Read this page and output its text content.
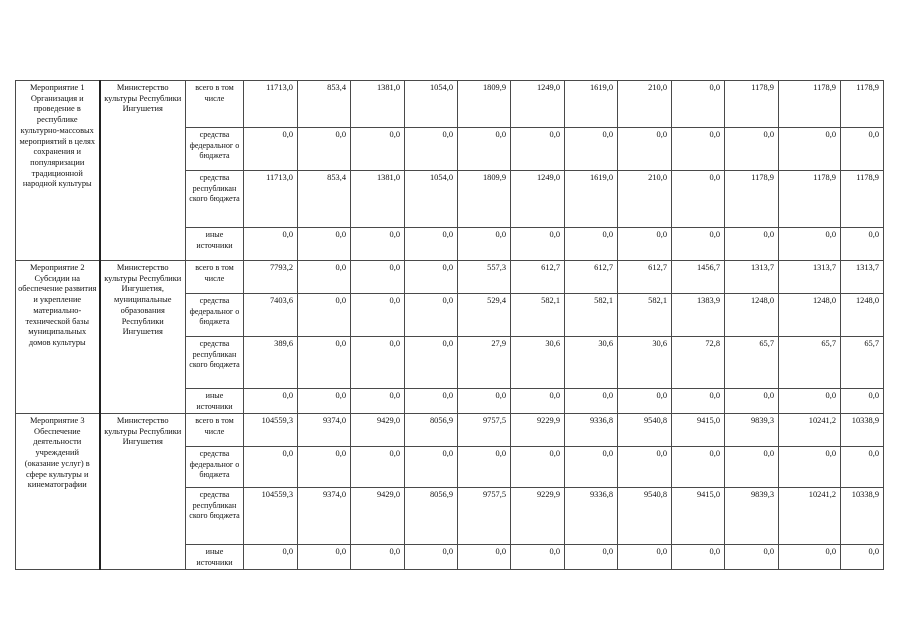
Мероприятие 1 Организация и проведение в республике культурно-массовых мероприятий в целях сохранения и популяризации традиционной народной культуры	Министерство культуры Республики Ингушетия	всего в том числе	11713,0	853,4	1381,0	1054,0	1809,9	1249,0	1619,0	210,0	0,0	1178,9	1178,9	1178,9
		средства федеральног о бюджета	0,0	0,0	0,0	0,0	0,0	0,0	0,0	0,0	0,0	0,0	0,0	0,0
		средства республикан ского бюджета	11713,0	853,4	1381,0	1054,0	1809,9	1249,0	1619,0	210,0	0,0	1178,9	1178,9	1178,9
		иные источники	0,0	0,0	0,0	0,0	0,0	0,0	0,0	0,0	0,0	0,0	0,0	0,0
Мероприятие 2 Субсидии на обеспечение развития и укрепление материально-технической базы муниципальных домов культуры	Министерство культуры Республики Ингушетия, муниципальные образования Республики Ингушетия	всего в том числе	7793,2	0,0	0,0	0,0	557,3	612,7	612,7	612,7	1456,7	1313,7	1313,7	1313,7
		средства федеральног о бюджета	7403,6	0,0	0,0	0,0	529,4	582,1	582,1	582,1	1383,9	1248,0	1248,0	1248,0
		средства республикан ского бюджета	389,6	0,0	0,0	0,0	27,9	30,6	30,6	30,6	72,8	65,7	65,7	65,7
		иные источники	0,0	0,0	0,0	0,0	0,0	0,0	0,0	0,0	0,0	0,0	0,0	0,0
Мероприятие 3 Обеспечение деятельности учреждений (оказание услуг) в сфере культуры и кинематографии	Министерство культуры Республики Ингушетия	всего в том числе	104559,3	9374,0	9429,0	8056,9	9757,5	9229,9	9336,8	9540,8	9415,0	9839,3	10241,2	10338,9
		средства федеральног о бюджета	0,0	0,0	0,0	0,0	0,0	0,0	0,0	0,0	0,0	0,0	0,0	0,0
		средства республикан ского бюджета	104559,3	9374,0	9429,0	8056,9	9757,5	9229,9	9336,8	9540,8	9415,0	9839,3	10241,2	10338,9
		иные источники	0,0	0,0	0,0	0,0	0,0	0,0	0,0	0,0	0,0	0,0	0,0	0,0
